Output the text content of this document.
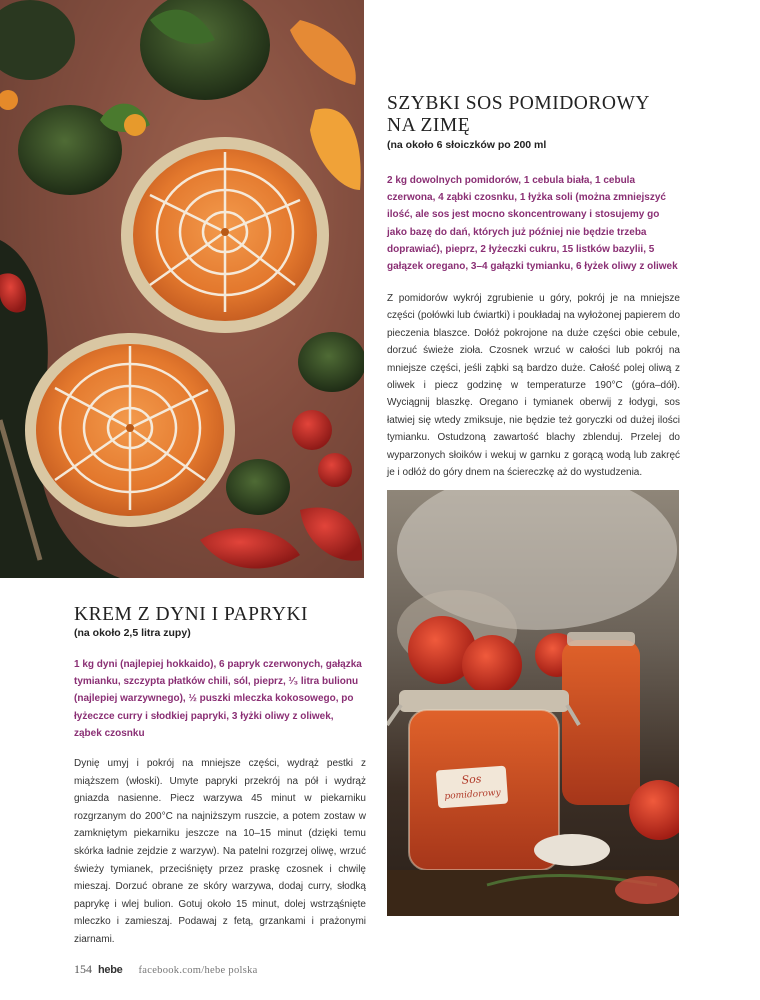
SZYBKI SOS POMIDOROWY
NA ZIMĘ

(na około 6 słoiczków po 200 ml

2 kg dowolnych pomidorów, 1 cebula biała, 1 cebula czerwona, 4 ząbki czosnku, 1 łyżka soli (można zmniejszyć ilość, ale sos jest mocno skoncentrowany i stosujemy go jako bazę do dań, których już później nie będzie trzeba doprawiać), pieprz, 2 łyżeczki cukru, 15 listków bazylii, 5 gałązek oregano, 3–4 gałązki tymianku, 6 łyżek oliwy z oliwek

Z pomidorów wykrój zgrubienie u góry, pokrój je na mniejsze części (połówki lub ćwiartki) i poukładaj na wyłożonej papierem do pieczenia blaszce. Dołóż pokrojone na duże części obie cebule, dorzuć świeże zioła. Czosnek wrzuć w całości lub pokrój na mniejsze części, jeśli ząbki są bardzo duże. Całość polej oliwą z oliwek i piecz godzinę w temperaturze 190°C (góra–dół). Wyciągnij blaszkę. Oregano i tymianek oberwij z łodygi, sos łatwiej się wtedy zmiksuje, nie będzie też goryczki od dużej ilości tymianku. Ostudzoną zawartość blachy zblenduj. Przelej do wyparzonych słoików i wekuj w garnku z gorącą wodą lub zakręć je i odłóż do góry dnem na ściereczkę aż do wystudzenia.

Sos
pomidorowy
KREM Z DYNI I PAPRYKI

(na około 2,5 litra zupy)

1 kg dyni (najlepiej hokkaido), 6 papryk czerwonych, gałązka tymianku, szczypta płatków chili, sól, pieprz, ¹⁄₃ litra bulionu (najlepiej warzywnego), ½ puszki mleczka kokosowego, po łyżeczce curry i słodkiej papryki, 3 łyżki oliwy z oliwek, ząbek czosnku

Dynię umyj i pokrój na mniejsze części, wydrąż pestki z miąższem (włoski). Umyte papryki przekrój na pół i wydrąż gniazda nasienne. Piecz warzywa 45 minut w piekarniku rozgrzanym do 200°C na najniższym ruszcie, a potem zostaw w zamkniętym piekarniku jeszcze na 10–15 minut (dzięki temu skórka ładnie zejdzie z warzyw). Na patelni rozgrzej oliwę, wrzuć świeży tymianek, przeciśnięty przez praskę czosnek i chwilę mieszaj. Dorzuć obrane ze skóry warzywa, dodaj curry, słodką paprykę i wlej bulion. Gotuj około 15 minut, dolej wstrząśnięte mleczko i zamieszaj. Podawaj z fetą, grzankami i prażonymi ziarnami.

154 hebe facebook.com/hebe polska
